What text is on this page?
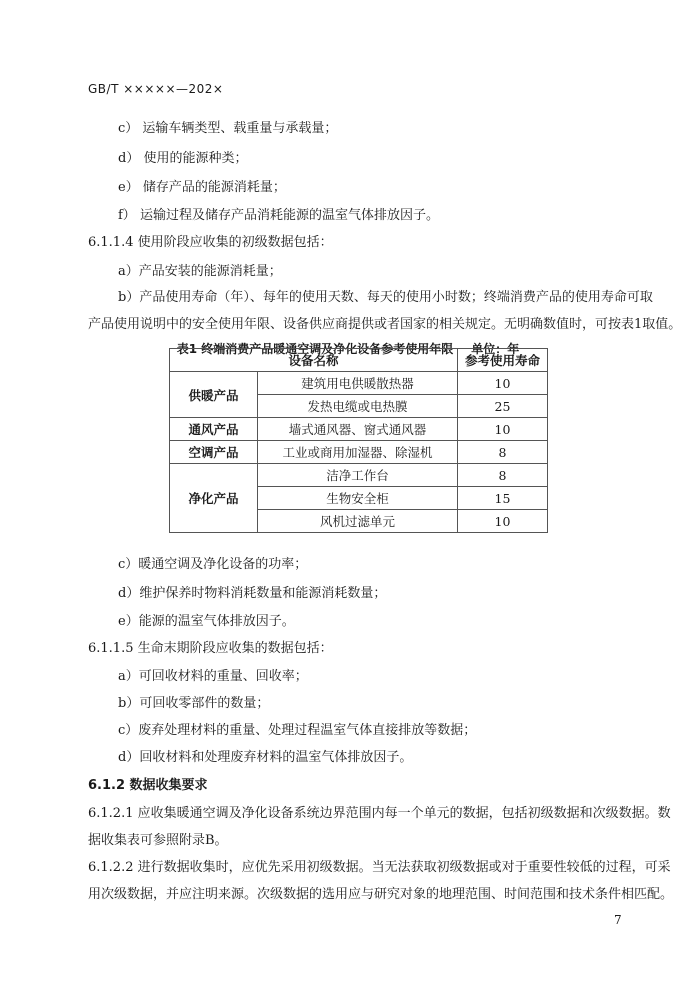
GB/T ×××××—202×
c） 运输车辆类型、载重量与承载量；
d） 使用的能源种类；
e） 储存产品的能源消耗量；
f） 运输过程及储存产品消耗能源的温室气体排放因子。
6.1.1.4 使用阶段应收集的初级数据包括：
a）产品安装的能源消耗量；
b）产品使用寿命（年）、每年的使用天数、每天的使用小时数；终端消费产品的使用寿命可取
产品使用说明中的安全使用年限、设备供应商提供或者国家的相关规定。无明确数值时，可按表1取值。
表1 终端消费产品暖通空调及净化设备参考使用年限 单位：年
设备名称		参考使用寿命
供暖产品	建筑用电供暖散热器	10
	发热电缆或电热膜	25
通风产品	墙式通风器、窗式通风器	10
空调产品	工业或商用加湿器、除湿机	8
净化产品	洁净工作台	8
	生物安全柜	15
	风机过滤单元	10
c）暖通空调及净化设备的功率；
d）维护保养时物料消耗数量和能源消耗数量；
e）能源的温室气体排放因子。
6.1.1.5 生命末期阶段应收集的数据包括：
a）可回收材料的重量、回收率；
b）可回收零部件的数量；
c）废弃处理材料的重量、处理过程温室气体直接排放等数据；
d）回收材料和处理废弃材料的温室气体排放因子。
6.1.2 数据收集要求
6.1.2.1 应收集暖通空调及净化设备系统边界范围内每一个单元的数据，包括初级数据和次级数据。数
据收集表可参照附录B。
6.1.2.2 进行数据收集时，应优先采用初级数据。当无法获取初级数据或对于重要性较低的过程，可采
用次级数据，并应注明来源。次级数据的选用应与研究对象的地理范围、时间范围和技术条件相匹配。
7
